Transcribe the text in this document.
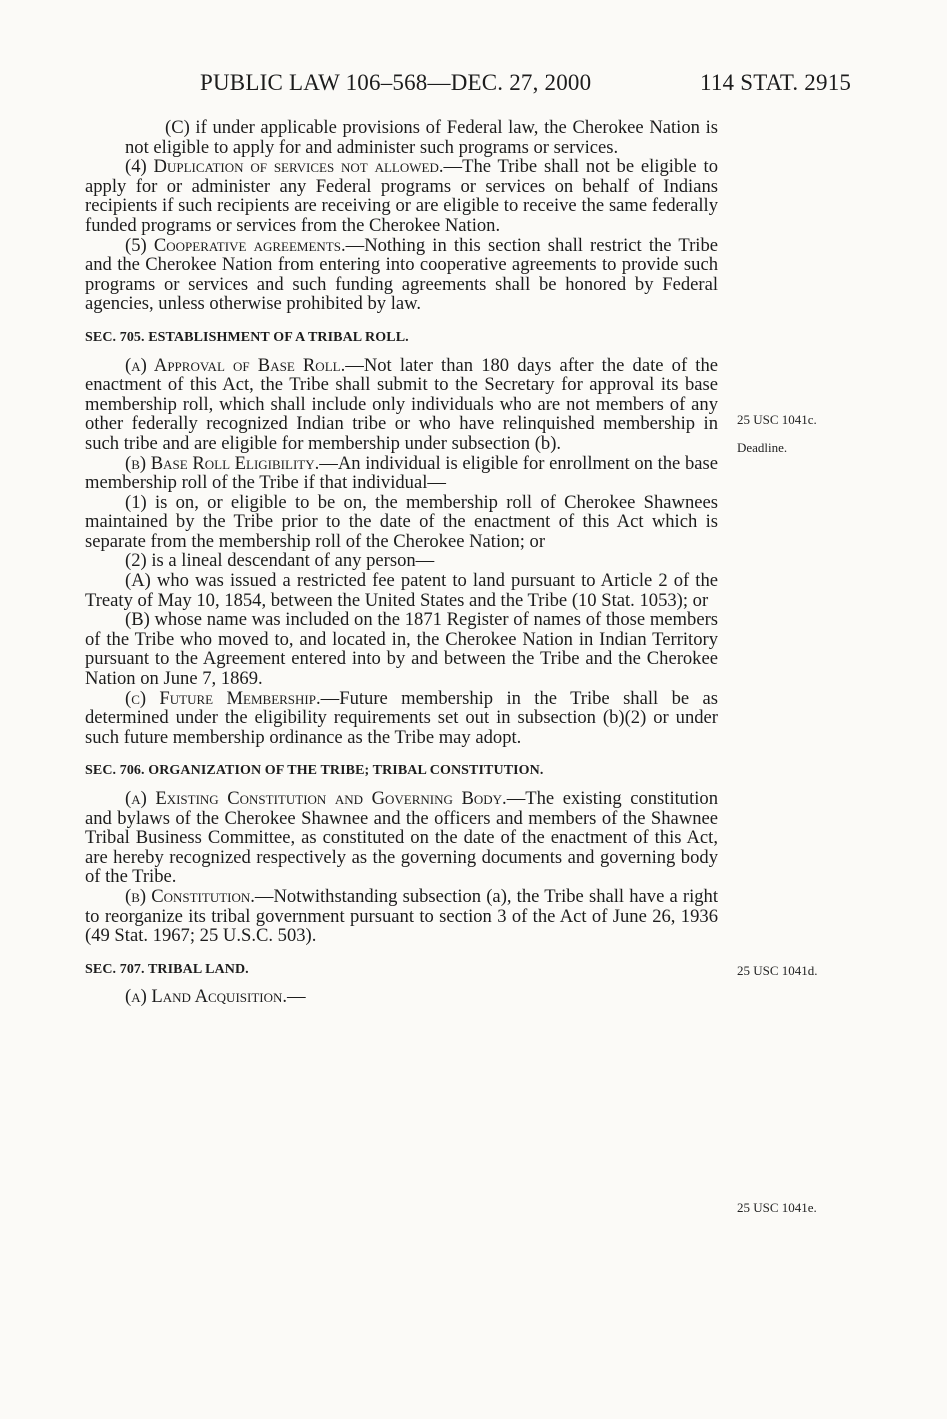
PUBLIC LAW 106–568—DEC. 27, 2000	114 STAT. 2915
25 USC 1041c.
Deadline.
25 USC 1041d.
25 USC 1041e.

(C) if under applicable provisions of Federal law, the Cherokee Nation is not eligible to apply for and administer such programs or services.

(4) Duplication of services not allowed.—The Tribe shall not be eligible to apply for or administer any Federal programs or services on behalf of Indians recipients if such recipients are receiving or are eligible to receive the same federally funded programs or services from the Cherokee Nation.

(5) Cooperative agreements.—Nothing in this section shall restrict the Tribe and the Cherokee Nation from entering into cooperative agreements to provide such programs or services and such funding agreements shall be honored by Federal agencies, unless otherwise prohibited by law.

SEC. 705. ESTABLISHMENT OF A TRIBAL ROLL.

(a) Approval of Base Roll.—Not later than 180 days after the date of the enactment of this Act, the Tribe shall submit to the Secretary for approval its base membership roll, which shall include only individuals who are not members of any other federally recognized Indian tribe or who have relinquished membership in such tribe and are eligible for membership under subsection (b).

(b) Base Roll Eligibility.—An individual is eligible for enrollment on the base membership roll of the Tribe if that individual—

(1) is on, or eligible to be on, the membership roll of Cherokee Shawnees maintained by the Tribe prior to the date of the enactment of this Act which is separate from the membership roll of the Cherokee Nation; or

(2) is a lineal descendant of any person—

(A) who was issued a restricted fee patent to land pursuant to Article 2 of the Treaty of May 10, 1854, between the United States and the Tribe (10 Stat. 1053); or

(B) whose name was included on the 1871 Register of names of those members of the Tribe who moved to, and located in, the Cherokee Nation in Indian Territory pursuant to the Agreement entered into by and between the Tribe and the Cherokee Nation on June 7, 1869.

(c) Future Membership.—Future membership in the Tribe shall be as determined under the eligibility requirements set out in subsection (b)(2) or under such future membership ordinance as the Tribe may adopt.

SEC. 706. ORGANIZATION OF THE TRIBE; TRIBAL CONSTITUTION.

(a) Existing Constitution and Governing Body.—The existing constitution and bylaws of the Cherokee Shawnee and the officers and members of the Shawnee Tribal Business Committee, as constituted on the date of the enactment of this Act, are hereby recognized respectively as the governing documents and governing body of the Tribe.

(b) Constitution.—Notwithstanding subsection (a), the Tribe shall have a right to reorganize its tribal government pursuant to section 3 of the Act of June 26, 1936 (49 Stat. 1967; 25 U.S.C. 503).

SEC. 707. TRIBAL LAND.

(a) Land Acquisition.—
